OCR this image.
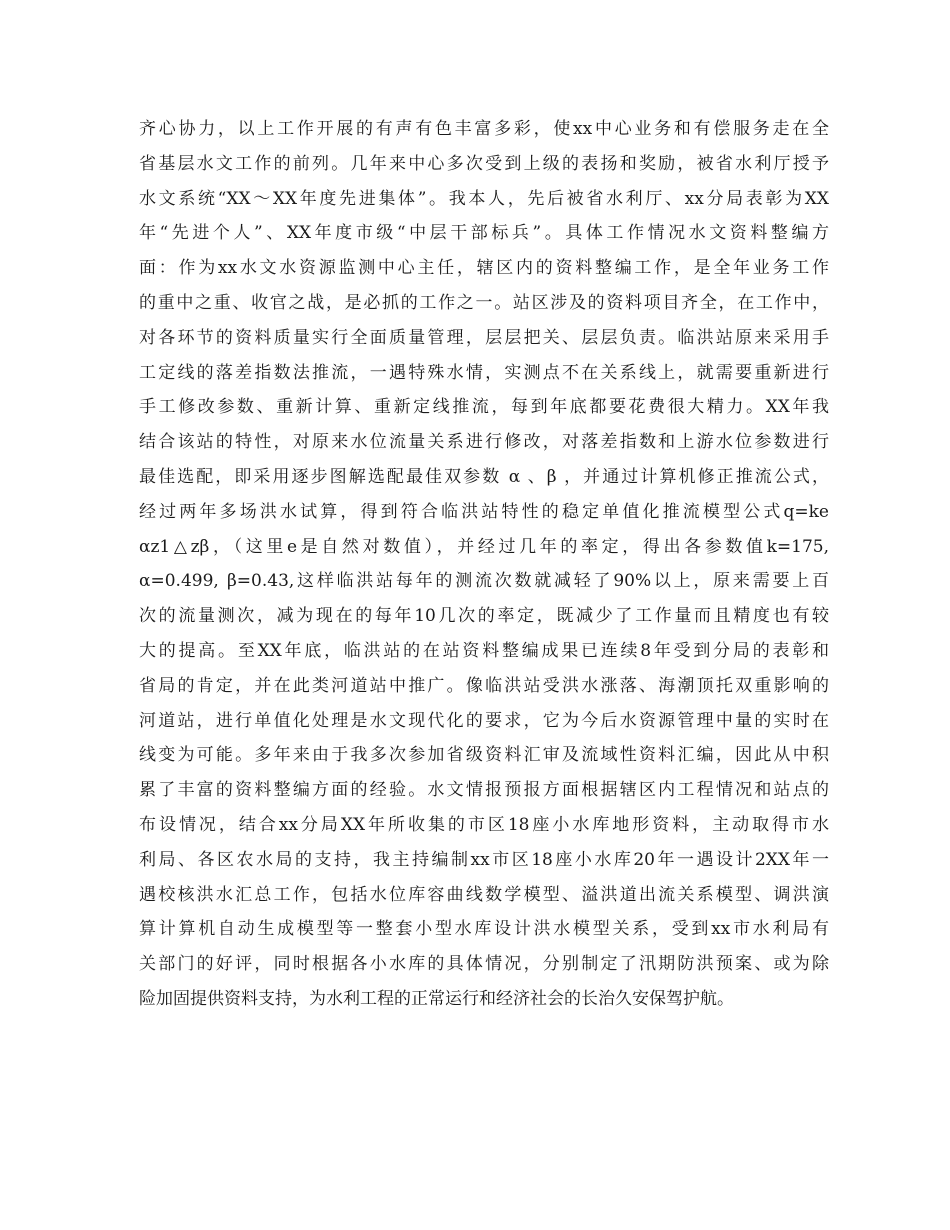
齐心协力，以上工作开展的有声有色丰富多彩，使xx中心业务和有偿服务走在全
省基层水文工作的前列。几年来中心多次受到上级的表扬和奖励，被省水利厅授予
水文系统“XX～XX年度先进集体”。我本人，先后被省水利厅、xx分局表彰为XX
年“先进个人”、XX年度市级“中层干部标兵”。具体工作情况水文资料整编方
面：作为xx水文水资源监测中心主任，辖区内的资料整编工作，是全年业务工作
的重中之重、收官之战，是必抓的工作之一。站区涉及的资料项目齐全，在工作中，
对各环节的资料质量实行全面质量管理，层层把关、层层负责。临洪站原来采用手
工定线的落差指数法推流，一遇特殊水情，实测点不在关系线上，就需要重新进行
手工修改参数、重新计算、重新定线推流，每到年底都要花费很大精力。XX年我
结合该站的特性，对原来水位流量关系进行修改，对落差指数和上游水位参数进行
最佳选配，即采用逐步图解选配最佳双参数 α 、β ，并通过计算机修正推流公式，
经过两年多场洪水试算，得到符合临洪站特性的稳定单值化推流模型公式q=ke
αz1△zβ，（这里e是自然对数值），并经过几年的率定，得出各参数值k=175,
α=0.499, β=0.43,这样临洪站每年的测流次数就减轻了90%以上，原来需要上百
次的流量测次，减为现在的每年10几次的率定，既减少了工作量而且精度也有较
大的提高。至XX年底，临洪站的在站资料整编成果已连续8年受到分局的表彰和
省局的肯定，并在此类河道站中推广。像临洪站受洪水涨落、海潮顶托双重影响的
河道站，进行单值化处理是水文现代化的要求，它为今后水资源管理中量的实时在
线变为可能。多年来由于我多次参加省级资料汇审及流域性资料汇编，因此从中积
累了丰富的资料整编方面的经验。水文情报预报方面根据辖区内工程情况和站点的
布设情况，结合xx分局XX年所收集的市区18座小水库地形资料，主动取得市水
利局、各区农水局的支持，我主持编制xx市区18座小水库20年一遇设计2XX年一
遇校核洪水汇总工作，包括水位库容曲线数学模型、溢洪道出流关系模型、调洪演
算计算机自动生成模型等一整套小型水库设计洪水模型关系，受到xx市水利局有
关部门的好评，同时根据各小水库的具体情况，分别制定了汛期防洪预案、或为除
险加固提供资料支持，为水利工程的正常运行和经济社会的长治久安保驾护航。
